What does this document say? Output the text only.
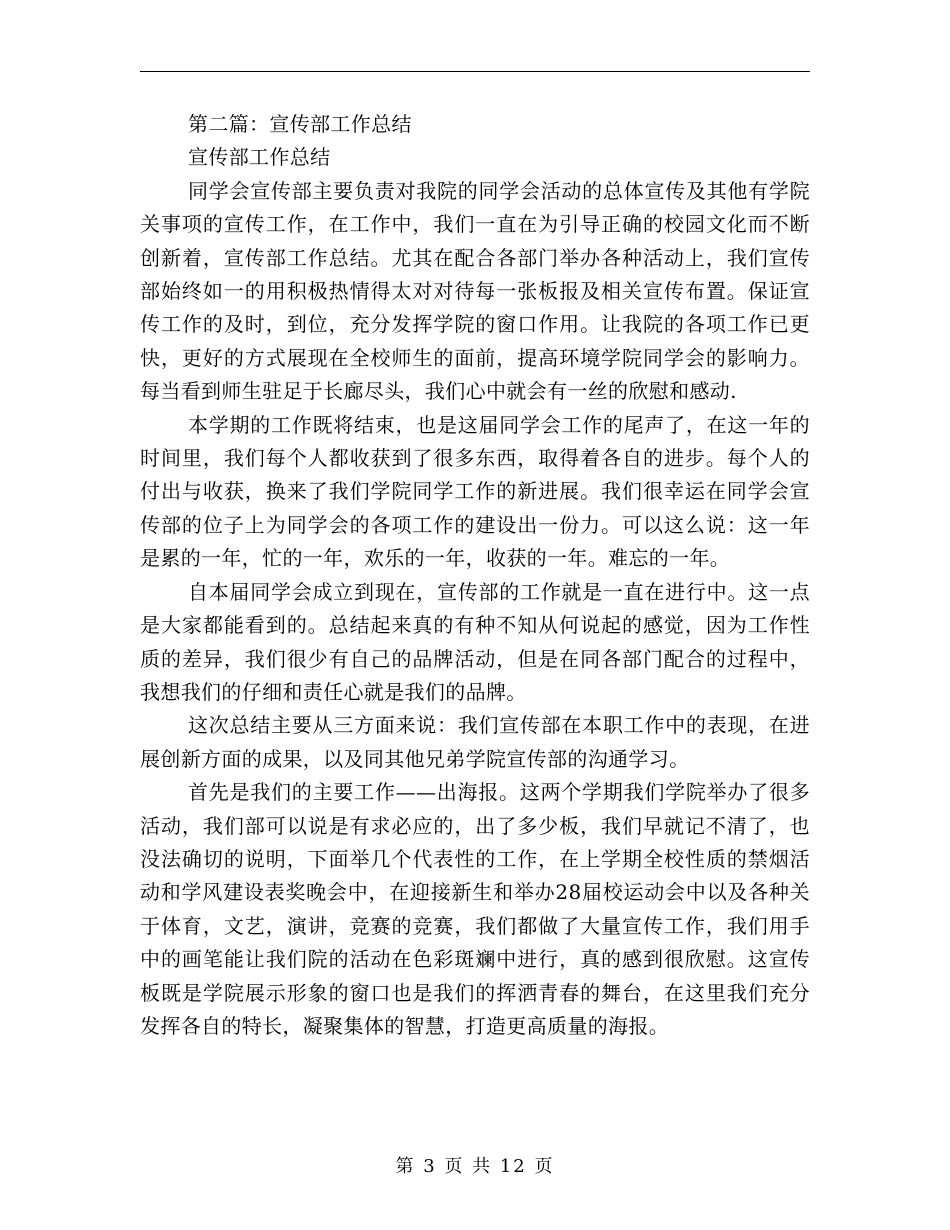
第二篇：宣传部工作总结

宣传部工作总结

同学会宣传部主要负责对我院的同学会活动的总体宣传及其他有学院关事项的宣传工作，在工作中，我们一直在为引导正确的校园文化而不断创新着，宣传部工作总结。尤其在配合各部门举办各种活动上，我们宣传部始终如一的用积极热情得太对对待每一张板报及相关宣传布置。保证宣传工作的及时，到位，充分发挥学院的窗口作用。让我院的各项工作已更快，更好的方式展现在全校师生的面前，提高环境学院同学会的影响力。每当看到师生驻足于长廊尽头，我们心中就会有一丝的欣慰和感动.

本学期的工作既将结束，也是这届同学会工作的尾声了，在这一年的时间里，我们每个人都收获到了很多东西，取得着各自的进步。每个人的付出与收获，换来了我们学院同学工作的新进展。我们很幸运在同学会宣传部的位子上为同学会的各项工作的建设出一份力。可以这么说：这一年是累的一年，忙的一年，欢乐的一年，收获的一年。难忘的一年。

自本届同学会成立到现在，宣传部的工作就是一直在进行中。这一点是大家都能看到的。总结起来真的有种不知从何说起的感觉，因为工作性质的差异，我们很少有自己的品牌活动，但是在同各部门配合的过程中，我想我们的仔细和责任心就是我们的品牌。

这次总结主要从三方面来说：我们宣传部在本职工作中的表现，在进展创新方面的成果，以及同其他兄弟学院宣传部的沟通学习。

首先是我们的主要工作——出海报。这两个学期我们学院举办了很多活动，我们部可以说是有求必应的，出了多少板，我们早就记不清了，也没法确切的说明，下面举几个代表性的工作，在上学期全校性质的禁烟活动和学风建设表奖晚会中，在迎接新生和举办28届校运动会中以及各种关于体育，文艺，演讲，竞赛的竞赛，我们都做了大量宣传工作，我们用手中的画笔能让我们院的活动在色彩斑斓中进行，真的感到很欣慰。这宣传板既是学院展示形象的窗口也是我们的挥洒青春的舞台，在这里我们充分发挥各自的特长，凝聚集体的智慧，打造更高质量的海报。

第 3 页 共 12 页
